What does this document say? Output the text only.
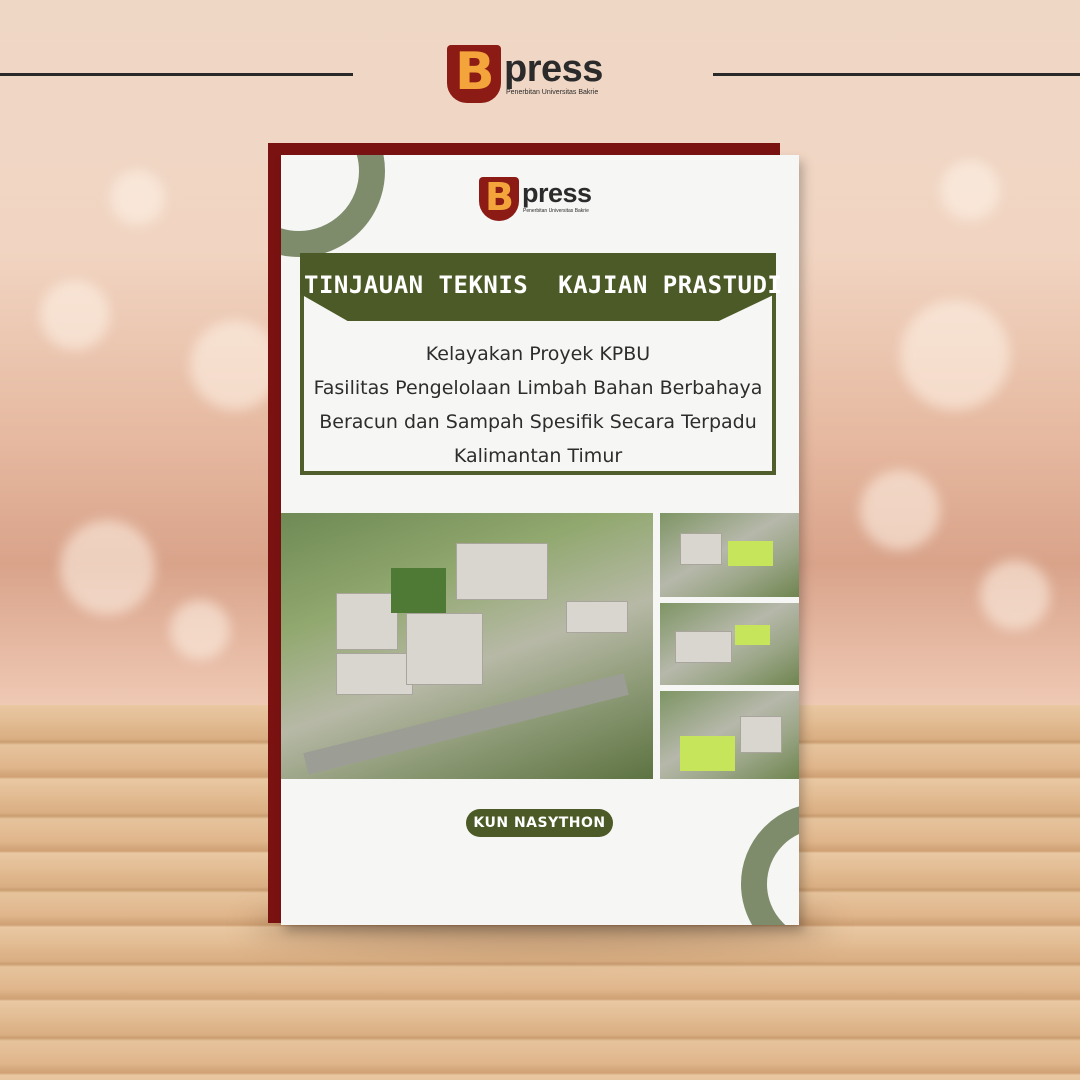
B press
Penerbitan Universitas Bakrie
B press
Penerbitan Universitas Bakrie
TINJAUAN TEKNIS  KAJIAN PRASTUDI
Kelayakan Proyek KPBU
Fasilitas Pengelolaan Limbah Bahan Berbahaya
Beracun dan Sampah Spesifik Secara Terpadu
Kalimantan Timur
KUN NASYTHON
